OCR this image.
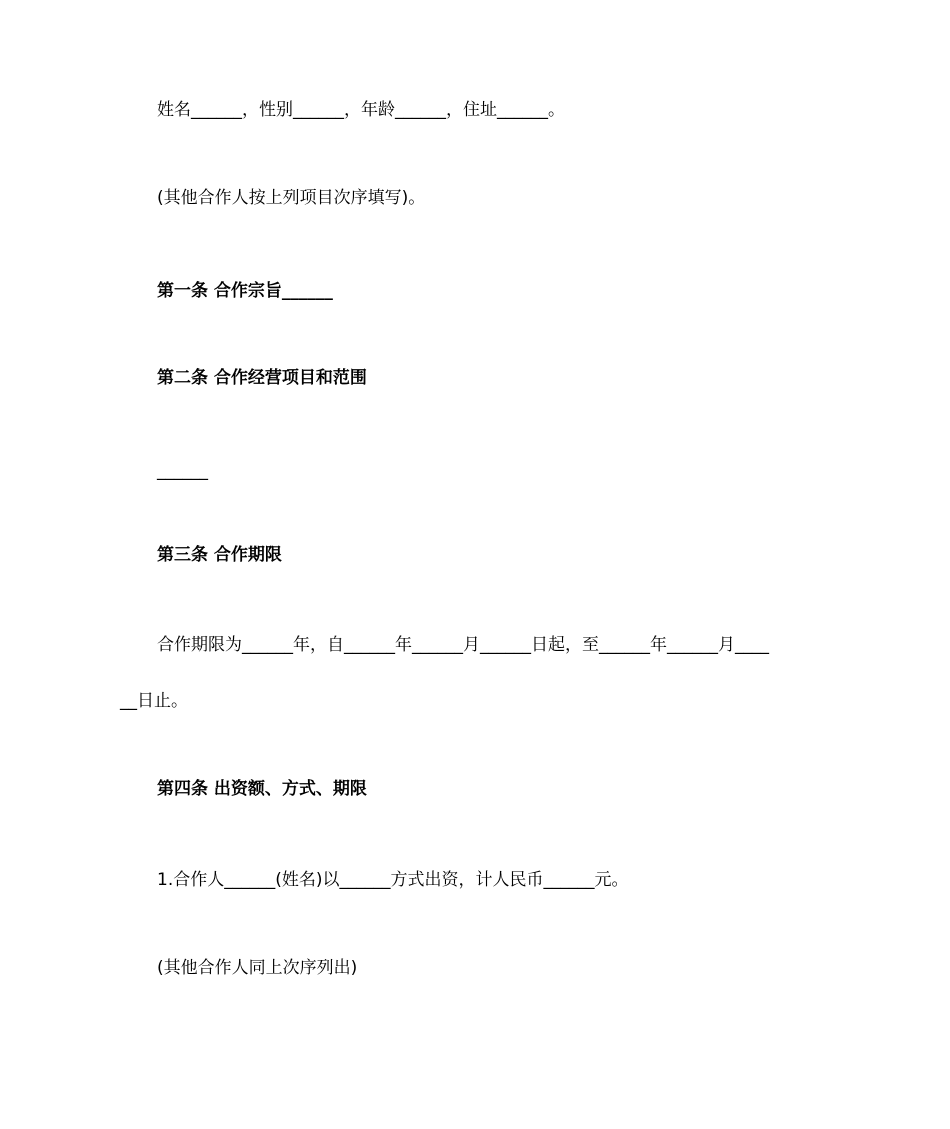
姓名______，性别______，年龄______，住址______。

(其他合作人按上列项目次序填写)。

第一条 合作宗旨______

第二条 合作经营项目和范围

______

第三条 合作期限

合作期限为______年，自______年______月______日起，至______年______月____

__日止。

第四条 出资额、方式、期限

1.合作人______(姓名)以______方式出资，计人民币______元。

(其他合作人同上次序列出)
